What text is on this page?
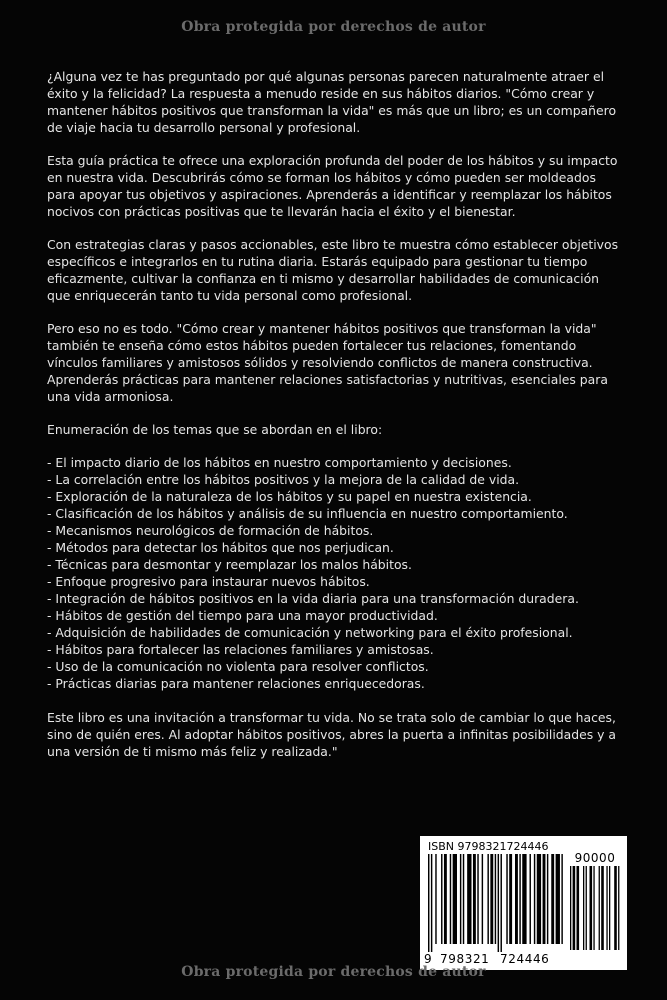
Obra protegida por derechos de autor

¿Alguna vez te has preguntado por qué algunas personas parecen naturalmente atraer el éxito y la felicidad? La respuesta a menudo reside en sus hábitos diarios. "Cómo crear y mantener hábitos positivos que transforman la vida" es más que un libro; es un compañero de viaje hacia tu desarrollo personal y profesional.

Esta guía práctica te ofrece una exploración profunda del poder de los hábitos y su impacto en nuestra vida. Descubrirás cómo se forman los hábitos y cómo pueden ser moldeados para apoyar tus objetivos y aspiraciones. Aprenderás a identificar y reemplazar los hábitos nocivos con prácticas positivas que te llevarán hacia el éxito y el bienestar.

Con estrategias claras y pasos accionables, este libro te muestra cómo establecer objetivos específicos e integrarlos en tu rutina diaria. Estarás equipado para gestionar tu tiempo eficazmente, cultivar la confianza en ti mismo y desarrollar habilidades de comunicación que enriquecerán tanto tu vida personal como profesional.

Pero eso no es todo. "Cómo crear y mantener hábitos positivos que transforman la vida" también te enseña cómo estos hábitos pueden fortalecer tus relaciones, fomentando vínculos familiares y amistosos sólidos y resolviendo conflictos de manera constructiva. Aprenderás prácticas para mantener relaciones satisfactorias y nutritivas, esenciales para una vida armoniosa.

Enumeración de los temas que se abordan en el libro:

- El impacto diario de los hábitos en nuestro comportamiento y decisiones.
- La correlación entre los hábitos positivos y la mejora de la calidad de vida.
- Exploración de la naturaleza de los hábitos y su papel en nuestra existencia.
- Clasificación de los hábitos y análisis de su influencia en nuestro comportamiento.
- Mecanismos neurológicos de formación de hábitos.
- Métodos para detectar los hábitos que nos perjudican.
- Técnicas para desmontar y reemplazar los malos hábitos.
- Enfoque progresivo para instaurar nuevos hábitos.
- Integración de hábitos positivos en la vida diaria para una transformación duradera.
- Hábitos de gestión del tiempo para una mayor productividad.
- Adquisición de habilidades de comunicación y networking para el éxito profesional.
- Hábitos para fortalecer las relaciones familiares y amistosas.
- Uso de la comunicación no violenta para resolver conflictos.
- Prácticas diarias para mantener relaciones enriquecedoras.

Este libro es una invitación a transformar tu vida. No se trata solo de cambiar lo que haces, sino de quién eres. Al adoptar hábitos positivos, abres la puerta a infinitas posibilidades y a una versión de ti mismo más feliz y realizada."

ISBN 9798321724446
90000
9 798321 724446
Obra protegida por derechos de autor
